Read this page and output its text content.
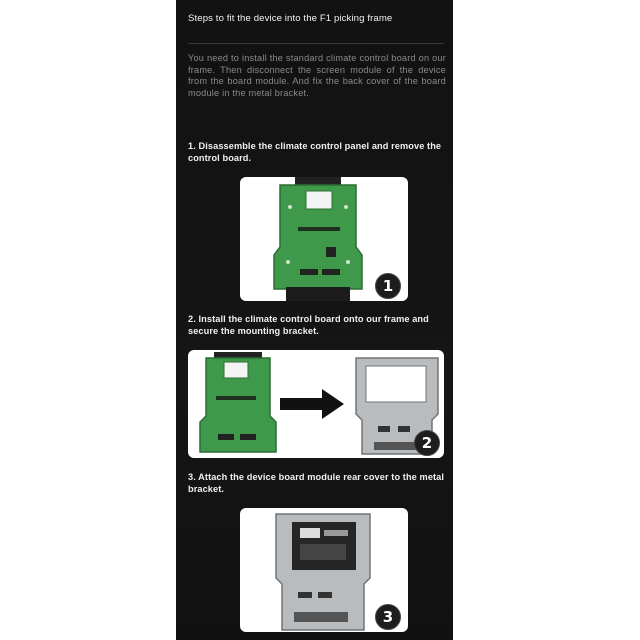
Steps to fit the device into the F1 picking frame
You need to install the standard climate control board on our frame. Then disconnect the screen module of the device from the board module. And fix the back cover of the board module in the metal bracket.
1. Disassemble the climate control panel and remove the control board.
1
2. Install the climate control board onto our frame and secure the mounting bracket.
2
3. Attach the device board module rear cover to the metal bracket.
3
